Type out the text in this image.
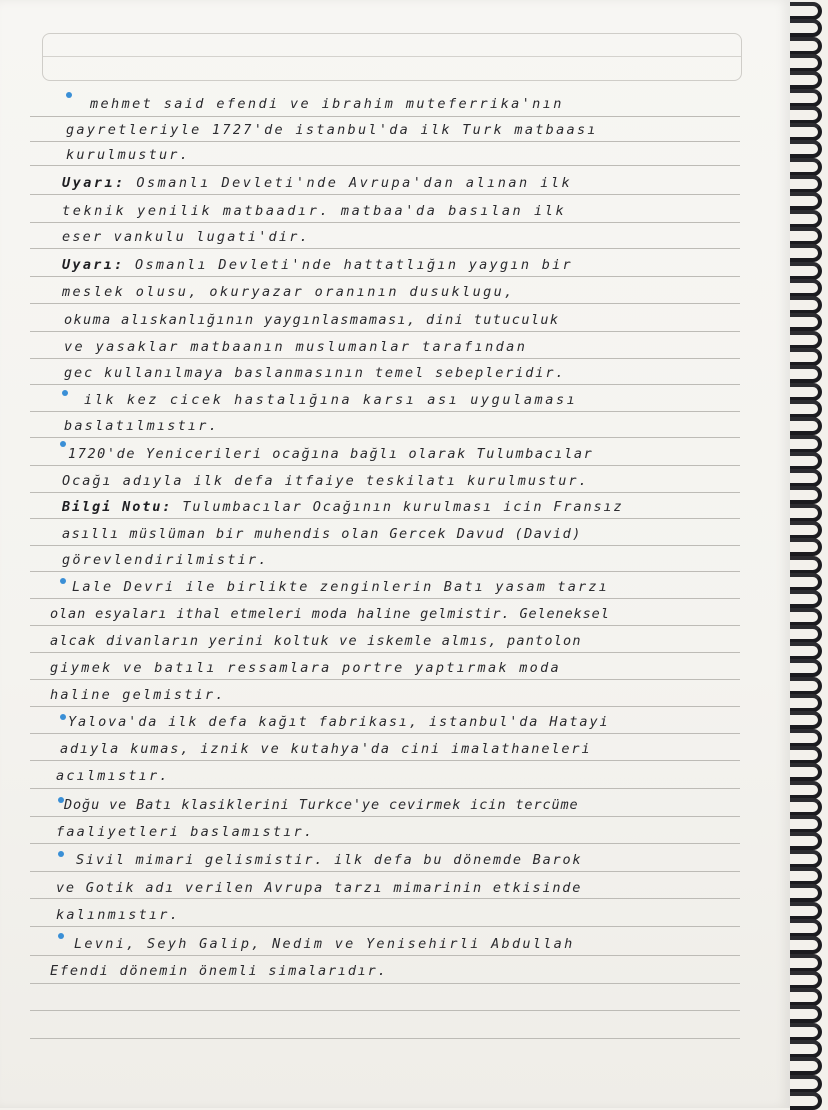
mehmet said efendi ve ibrahim muteferrika'nın

gayretleriyle 1727'de istanbul'da ilk Turk matbaası

kurulmustur.

Uyarı: Osmanlı Devleti'nde Avrupa'dan alınan ilk

teknik yenilik matbaadır. matbaa'da basılan ilk

eser vankulu lugati'dir.

Uyarı: Osmanlı Devleti'nde hattatlığın yaygın bir

meslek olusu, okuryazar oranının dusuklugu,

okuma alıskanlığının yaygınlasmaması, dini tutuculuk

ve yasaklar matbaanın muslumanlar tarafından

gec kullanılmaya baslanmasının temel sebepleridir.

ilk kez cicek hastalığına karsı ası uygulaması

baslatılmıstır.

1720'de Yenicerileri ocağına bağlı olarak Tulumbacılar

Ocağı adıyla ilk defa itfaiye teskilatı kurulmustur.

Bilgi Notu: Tulumbacılar Ocağının kurulması icin Fransız

asıllı müslüman bir muhendis olan Gercek Davud (David)

görevlendirilmistir.

Lale Devri ile birlikte zenginlerin Batı yasam tarzı

olan esyaları ithal etmeleri moda haline gelmistir. Geleneksel

alcak divanların yerini koltuk ve iskemle almıs, pantolon

giymek ve batılı ressamlara portre yaptırmak moda

haline gelmistir.

Yalova'da ilk defa kağıt fabrikası, istanbul'da Hatayi

adıyla kumas, iznik ve kutahya'da cini imalathaneleri

acılmıstır.

Doğu ve Batı klasiklerini Turkce'ye cevirmek icin tercüme

faaliyetleri baslamıstır.

Sivil mimari gelismistir. ilk defa bu dönemde Barok

ve Gotik adı verilen Avrupa tarzı mimarinin etkisinde

kalınmıstır.

Levni, Seyh Galip, Nedim ve Yenisehirli Abdullah

Efendi dönemin önemli simalarıdır.
